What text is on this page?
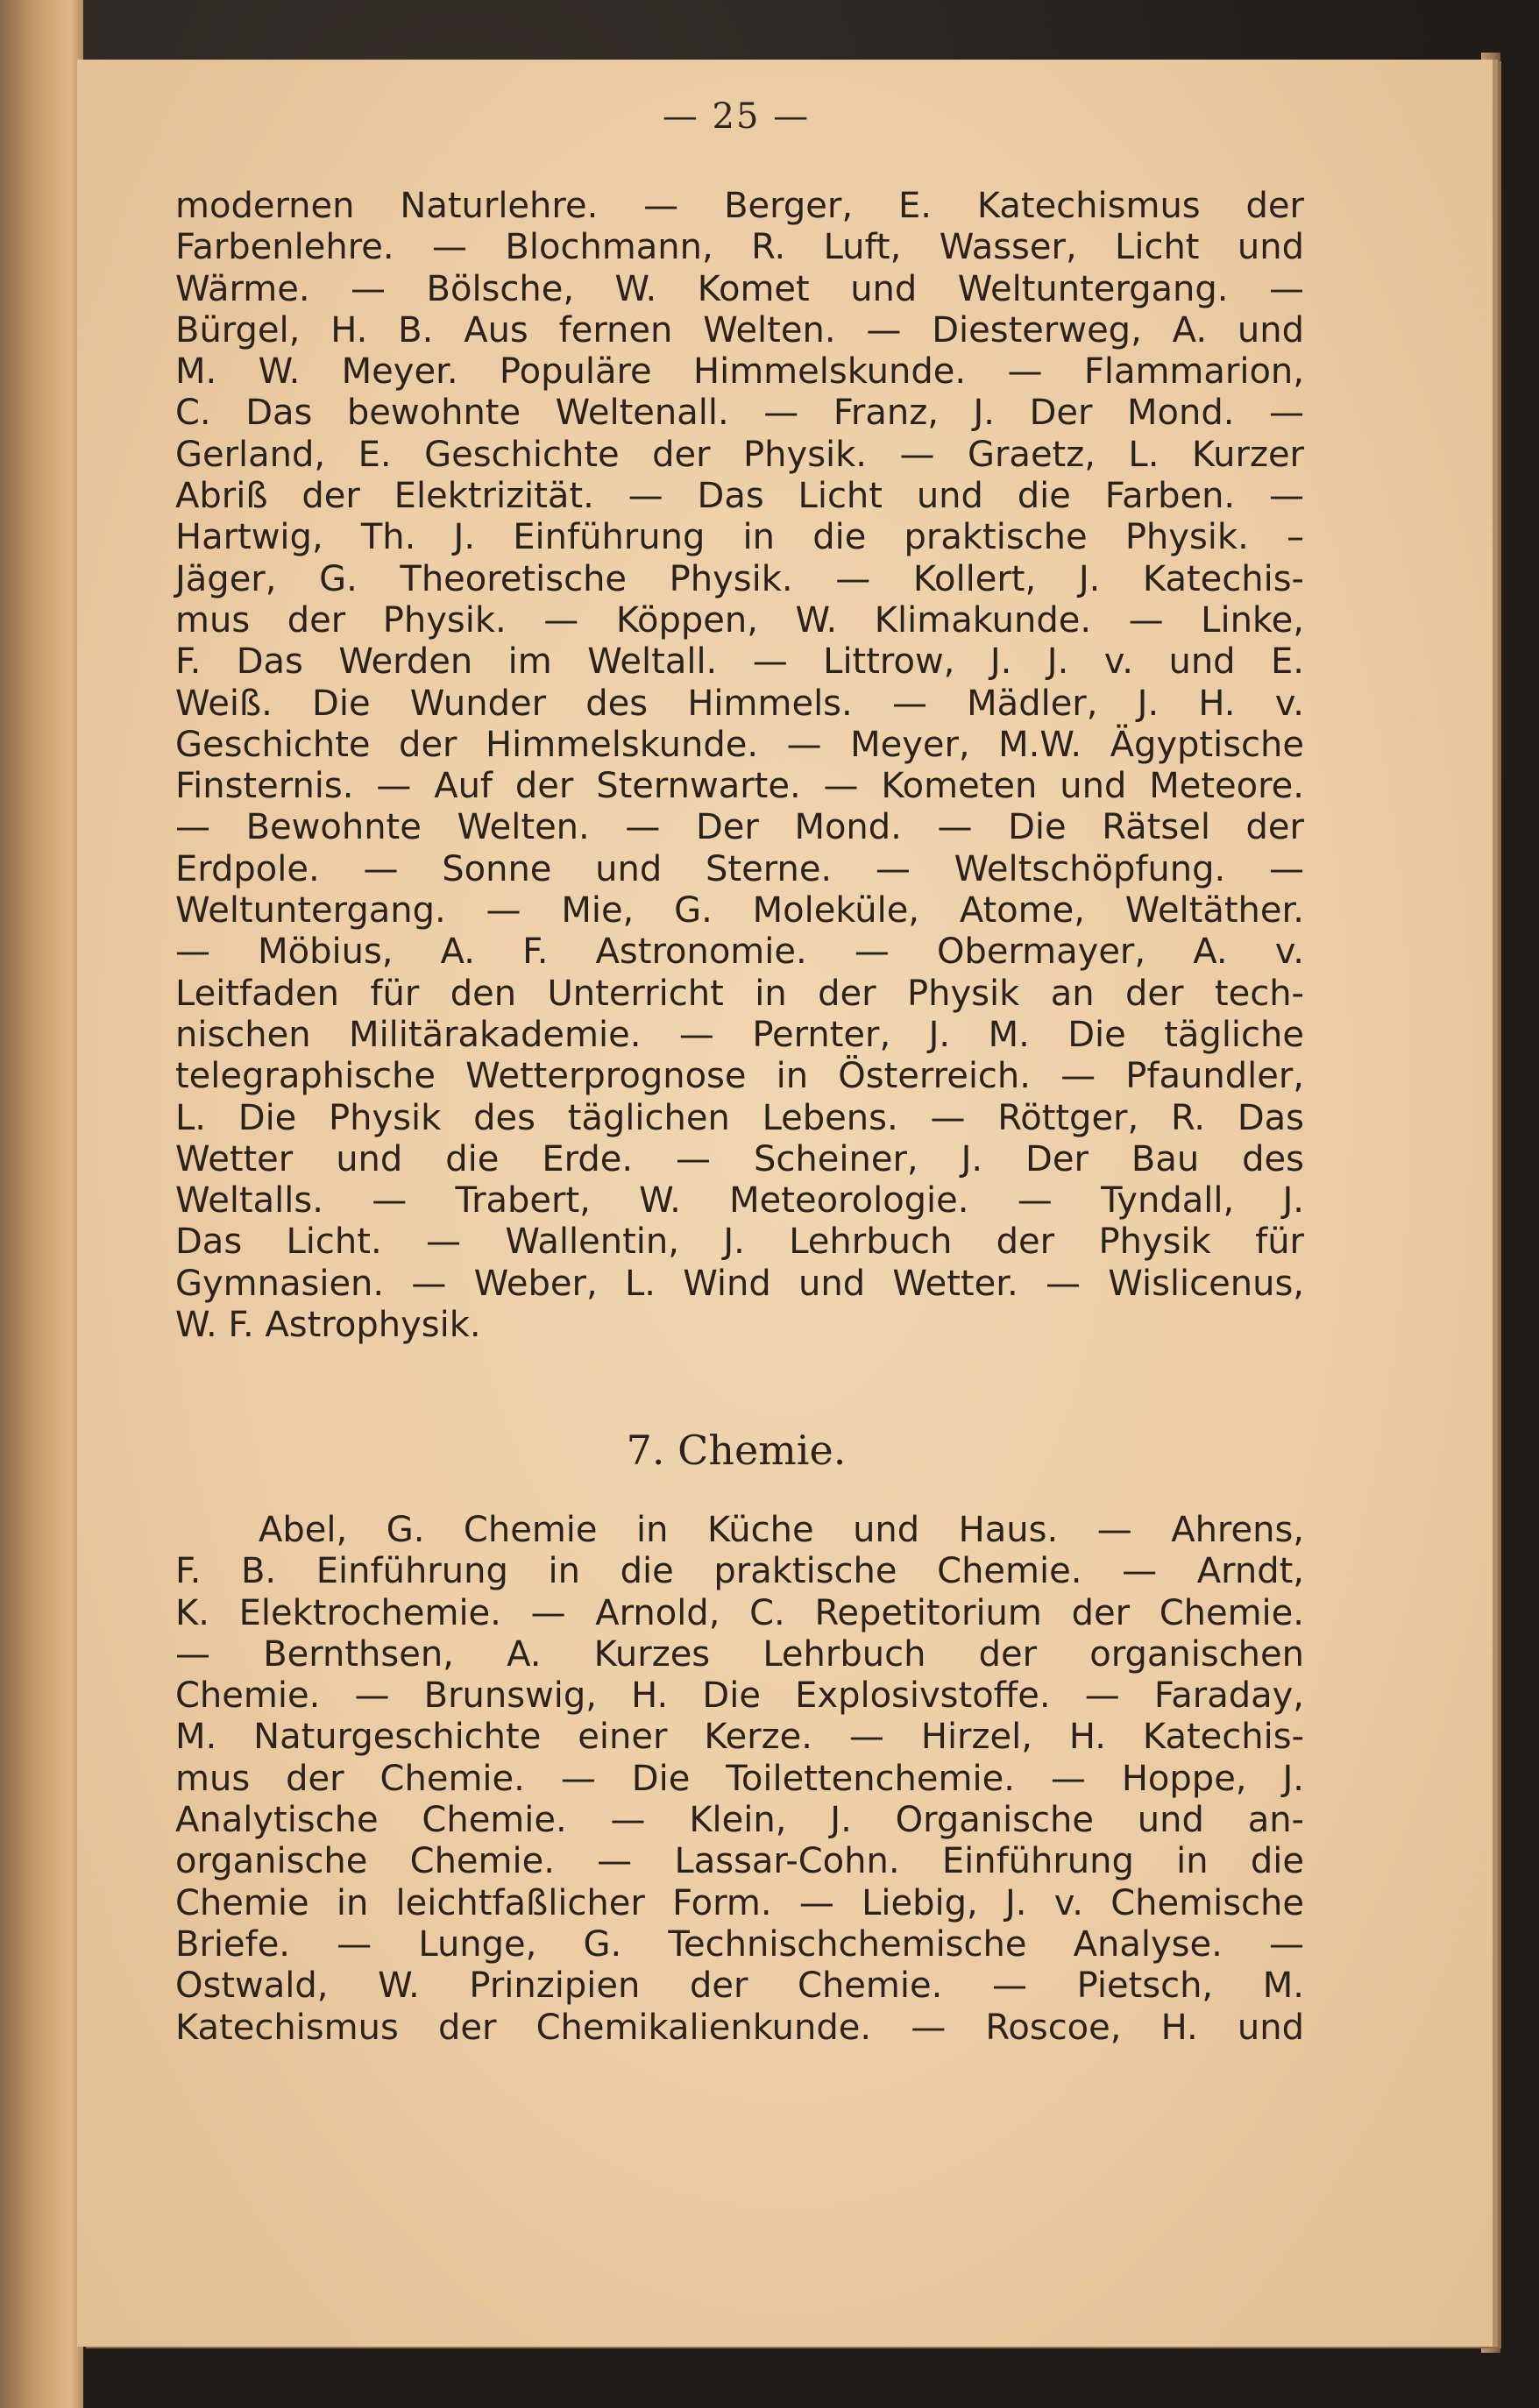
— 25 —
modernen Naturlehre. — Berger, E. Katechismus der
Farbenlehre. — Blochmann, R. Luft, Wasser, Licht und
Wärme. — Bölsche, W. Komet und Weltuntergang. —
Bürgel, H. B. Aus fernen Welten. — Diesterweg, A. und
M. W. Meyer. Populäre Himmelskunde. — Flammarion,
C. Das bewohnte Weltenall. — Franz, J. Der Mond. —
Gerland, E. Geschichte der Physik. — Graetz, L. Kurzer
Abriß der Elektrizität. — Das Licht und die Farben. —
Hartwig, Th. J. Einführung in die praktische Physik. –
Jäger, G. Theoretische Physik. — Kollert, J. Katechis-
mus der Physik. — Köppen, W. Klimakunde. — Linke,
F. Das Werden im Weltall. — Littrow, J. J. v. und E.
Weiß. Die Wunder des Himmels. — Mädler, J. H. v.
Geschichte der Himmelskunde. — Meyer, M.W. Ägyptische
Finsternis. — Auf der Sternwarte. — Kometen und Meteore.
— Bewohnte Welten. — Der Mond. — Die Rätsel der
Erdpole. — Sonne und Sterne. — Weltschöpfung. —
Weltuntergang. — Mie, G. Moleküle, Atome, Weltäther.
— Möbius, A. F. Astronomie. — Obermayer, A. v.
Leitfaden für den Unterricht in der Physik an der tech-
nischen Militärakademie. — Pernter, J. M. Die tägliche
telegraphische Wetterprognose in Österreich. — Pfaundler,
L. Die Physik des täglichen Lebens. — Röttger, R. Das
Wetter und die Erde. — Scheiner, J. Der Bau des
Weltalls. — Trabert, W. Meteorologie. — Tyndall, J.
Das Licht. — Wallentin, J. Lehrbuch der Physik für
Gymnasien. — Weber, L. Wind und Wetter. — Wislicenus,
W. F. Astrophysik.
7. Chemie.
Abel, G. Chemie in Küche und Haus. — Ahrens,
F. B. Einführung in die praktische Chemie. — Arndt,
K. Elektrochemie. — Arnold, C. Repetitorium der Chemie.
— Bernthsen, A. Kurzes Lehrbuch der organischen
Chemie. — Brunswig, H. Die Explosivstoffe. — Faraday,
M. Naturgeschichte einer Kerze. — Hirzel, H. Katechis-
mus der Chemie. — Die Toilettenchemie. — Hoppe, J.
Analytische Chemie. — Klein, J. Organische und an-
organische Chemie. — Lassar-Cohn. Einführung in die
Chemie in leichtfaßlicher Form. — Liebig, J. v. Chemische
Briefe. — Lunge, G. Technischchemische Analyse. —
Ostwald, W. Prinzipien der Chemie. — Pietsch, M.
Katechismus der Chemikalienkunde. — Roscoe, H. und
